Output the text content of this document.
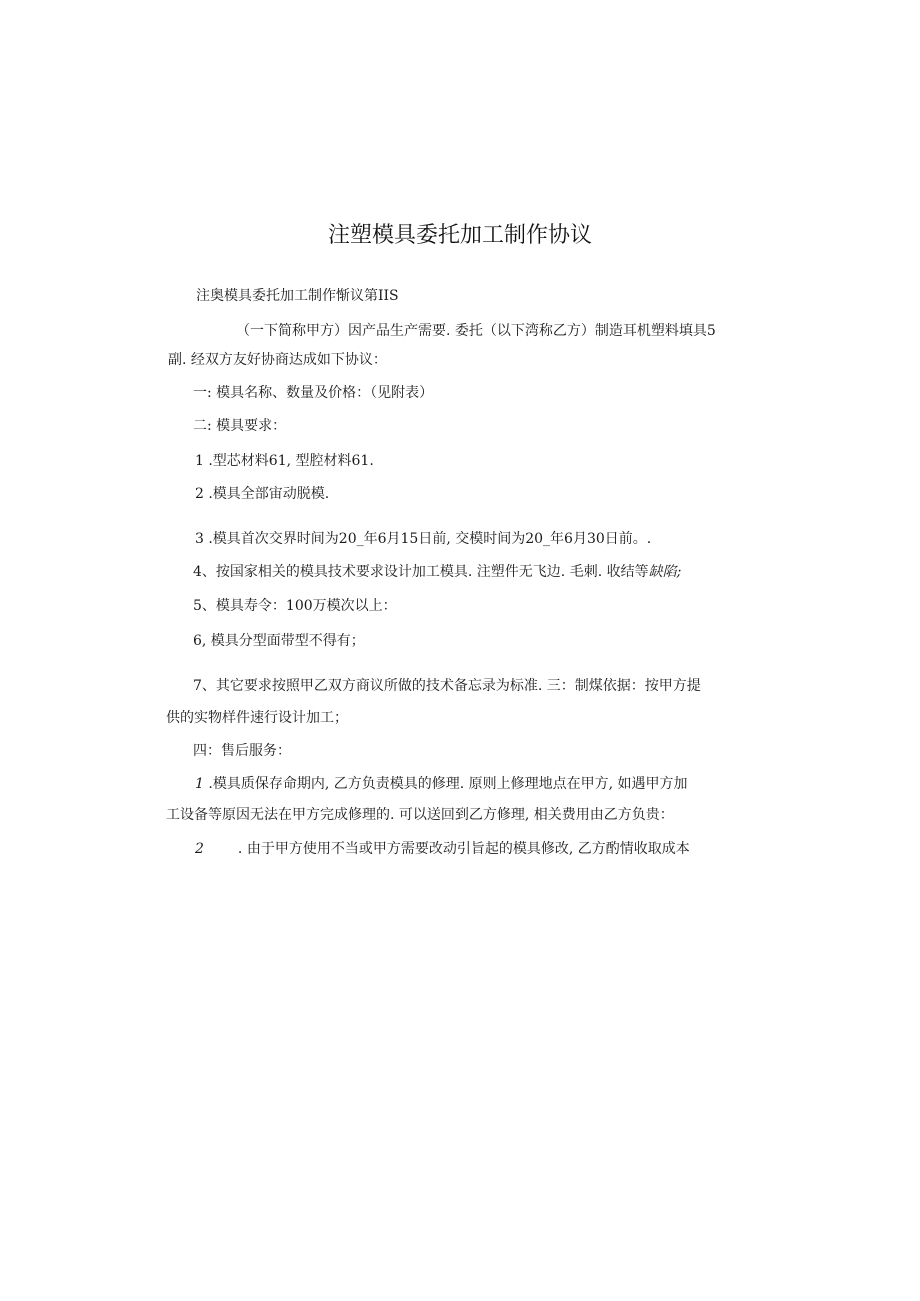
注塑模具委托加工制作协议
注奥模具委托加工制作惭议第IIS
（一下简称甲方）因产品生产需要. 委托（以下湾称乙方）制造耳机塑料填具5
副. 经双方友好协商达成如下协议：
一: 模具名称、数量及价格：（见附表）
二: 模具要求：
1 .型芯材料61, 型腔材料61.
2 .模具全部宙动脱模.
3 .模具首次交界时间为20_年6月15日前, 交模时间为20_年6月30日前。.
4、按国家相关的模具技术要求设计加工模具. 注塑件无飞边. 毛刺. 收结等缺陷;
5、模具寿令：100万模次以上：
6, 模具分型面带型不得有；
7、其它要求按照甲乙双方商议所做的技术备忘录为标准. 三：制煤依据：按甲方提
供的实物样件速行设计加工；
四：售后服务：
1 .模具质保存命期内, 乙方负责模具的修理. 原则上修理地点在甲方, 如遇甲方加
工设备等原因无法在甲方完成修理的. 可以送回到乙方修理, 相关费用由乙方负贵：
2 . 由于甲方使用不当或甲方需要改动引旨起的模具修改, 乙方酌情收取成本
